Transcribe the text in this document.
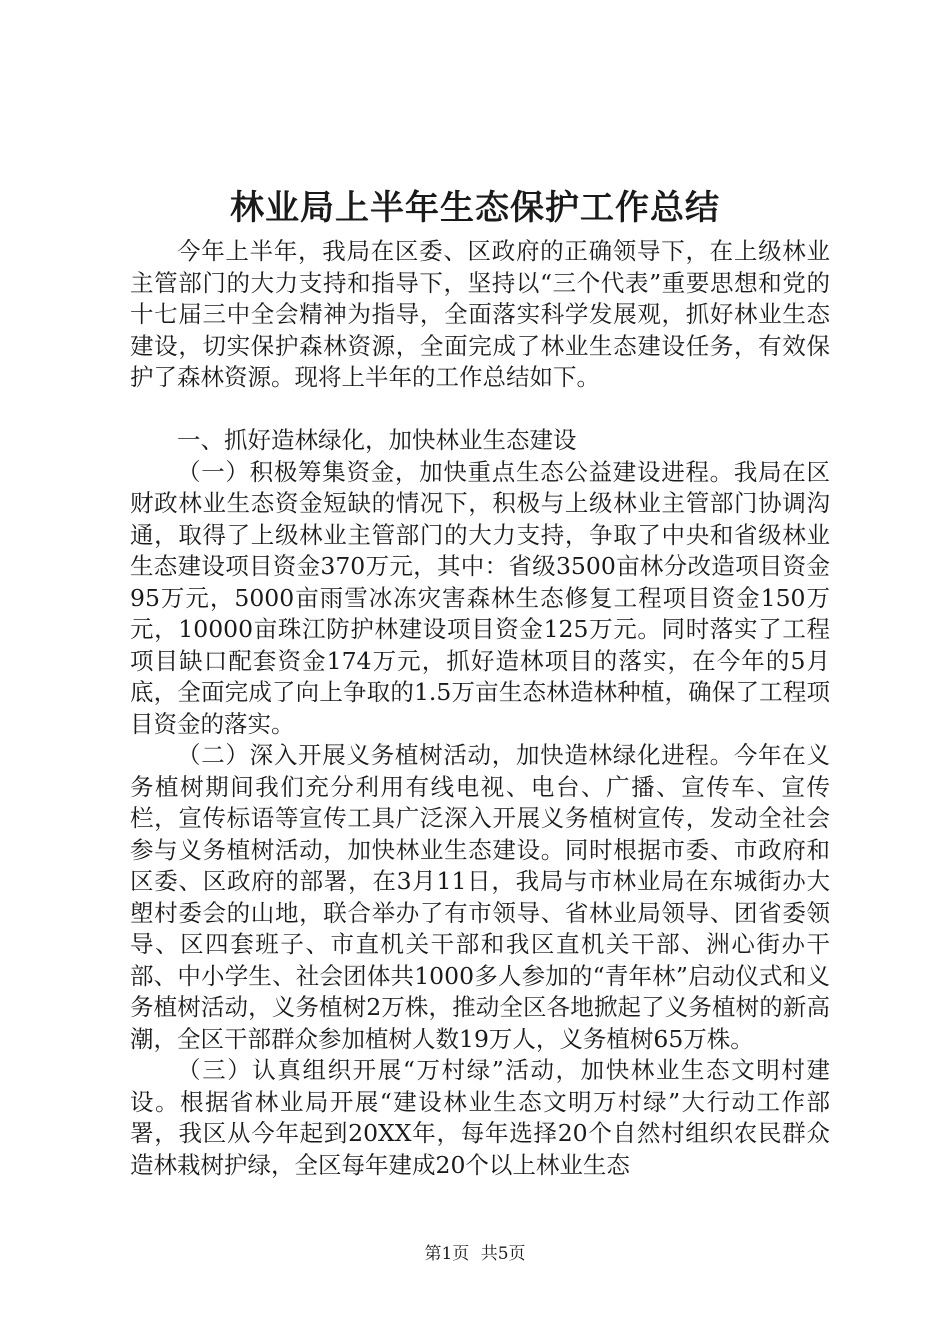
林业局上半年生态保护工作总结

今年上半年，我局在区委、区政府的正确领导下，在上级林业主管部门的大力支持和指导下，坚持以“三个代表”重要思想和党的十七届三中全会精神为指导，全面落实科学发展观，抓好林业生态建设，切实保护森林资源，全面完成了林业生态建设任务，有效保护了森林资源。现将上半年的工作总结如下。

一、抓好造林绿化，加快林业生态建设

（一）积极筹集资金，加快重点生态公益建设进程。我局在区财政林业生态资金短缺的情况下，积极与上级林业主管部门协调沟通，取得了上级林业主管部门的大力支持，争取了中央和省级林业生态建设项目资金370万元，其中：省级3500亩林分改造项目资金95万元，5000亩雨雪冰冻灾害森林生态修复工程项目资金150万元，10000亩珠江防护林建设项目资金125万元。同时落实了工程项目缺口配套资金174万元，抓好造林项目的落实，在今年的5月底，全面完成了向上争取的1.5万亩生态林造林种植，确保了工程项目资金的落实。

（二）深入开展义务植树活动，加快造林绿化进程。今年在义务植树期间我们充分利用有线电视、电台、广播、宣传车、宣传栏，宣传标语等宣传工具广泛深入开展义务植树宣传，发动全社会参与义务植树活动，加快林业生态建设。同时根据市委、市政府和区委、区政府的部署，在3月11日，我局与市林业局在东城街办大塱村委会的山地，联合举办了有市领导、省林业局领导、团省委领导、区四套班子、市直机关干部和我区直机关干部、洲心街办干部、中小学生、社会团体共1000多人参加的“青年林”启动仪式和义务植树活动，义务植树2万株，推动全区各地掀起了义务植树的新高潮，全区干部群众参加植树人数19万人，义务植树65万株。

（三）认真组织开展“万村绿”活动，加快林业生态文明村建设。根据省林业局开展“建设林业生态文明万村绿”大行动工作部署，我区从今年起到20XX年，每年选择20个自然村组织农民群众造林栽树护绿，全区每年建成20个以上林业生态

第1页 共5页
